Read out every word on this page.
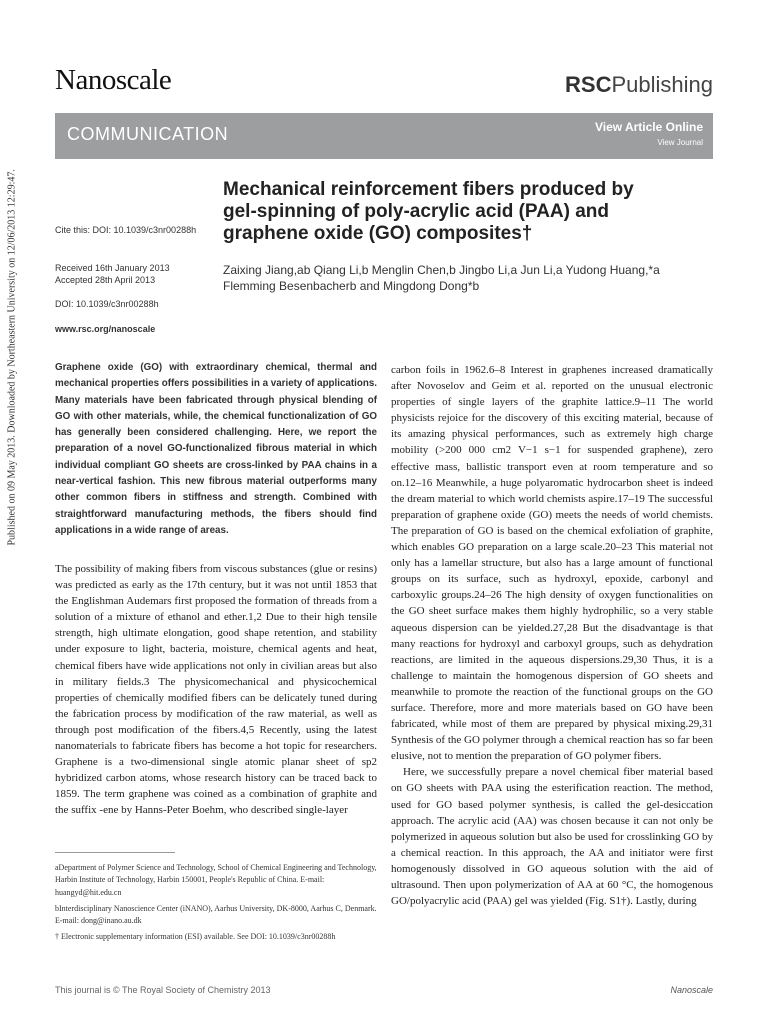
Nanoscale	RSCPublishing
COMMUNICATION	View Article Online
View Journal
Published on 09 May 2013. Downloaded by Northeastern University on 12/06/2013 12:29:47.	Cite this: DOI: 10.1039/c3nr00288h
Received 16th January 2013
Accepted 28th April 2013
DOI: 10.1039/c3nr00288h
www.rsc.org/nanoscale
Mechanical reinforcement fibers produced by gel-spinning of poly-acrylic acid (PAA) and graphene oxide (GO) composites†
Zaixing Jiang,ab Qiang Li,b Menglin Chen,b Jingbo Li,a Jun Li,a Yudong Huang,*a Flemming Besenbacherb and Mingdong Dong*b
Graphene oxide (GO) with extraordinary chemical, thermal and mechanical properties offers possibilities in a variety of applications. Many materials have been fabricated through physical blending of GO with other materials, while, the chemical functionalization of GO has generally been considered challenging. Here, we report the preparation of a novel GO-functionalized fibrous material in which individual compliant GO sheets are cross-linked by PAA chains in a near-vertical fashion. This new fibrous material outperforms many other common fibers in stiffness and strength. Combined with straightforward manufacturing methods, the fibers should find applications in a wide range of areas.

The possibility of making fibers from viscous substances (glue or resins) was predicted as early as the 17th century, but it was not until 1853 that the Englishman Audemars first proposed the formation of threads from a solution of a mixture of ethanol and ether.1,2 Due to their high tensile strength, high ultimate elongation, good shape retention, and stability under exposure to light, bacteria, moisture, chemical agents and heat, chemical fibers have wide applications not only in civilian areas but also in military fields.3 The physicomechanical and physicochemical properties of chemically modified fibers can be delicately tuned during the fabrication process by modification of the raw material, as well as through post modification of the fibers.4,5 Recently, using the latest nanomaterials to fabricate fibers has become a hot topic for researchers. Graphene is a two-dimensional single atomic planar sheet of sp2 hybridized carbon atoms, whose research history can be traced back to 1859. The term graphene was coined as a combination of graphite and the suffix -ene by Hanns-Peter Boehm, who described single-layer

carbon foils in 1962.6–8 Interest in graphenes increased dramatically after Novoselov and Geim et al. reported on the unusual electronic properties of single layers of the graphite lattice.9–11 The world physicists rejoice for the discovery of this exciting material, because of its amazing physical performances, such as extremely high charge mobility (>200 000 cm2 V−1 s−1 for suspended graphene), zero effective mass, ballistic transport even at room temperature and so on.12–16 Meanwhile, a huge polyaromatic hydrocarbon sheet is indeed the dream material to which world chemists aspire.17–19 The successful preparation of graphene oxide (GO) meets the needs of world chemists. The preparation of GO is based on the chemical exfoliation of graphite, which enables GO preparation on a large scale.20–23 This material not only has a lamellar structure, but also has a large amount of functional groups on its surface, such as hydroxyl, epoxide, carbonyl and carboxylic groups.24–26 The high density of oxygen functionalities on the GO sheet surface makes them highly hydrophilic, so a very stable aqueous dispersion can be yielded.27,28 But the disadvantage is that many reactions for hydroxyl and carboxyl groups, such as dehydration reactions, are limited in the aqueous dispersions.29,30 Thus, it is a challenge to maintain the homogenous dispersion of GO sheets and meanwhile to promote the reaction of the functional groups on the GO surface. Therefore, more and more materials based on GO have been fabricated, while most of them are prepared by physical mixing.29,31 Synthesis of the GO polymer through a chemical reaction has so far been elusive, not to mention the preparation of GO polymer fibers.

Here, we successfully prepare a novel chemical fiber material based on GO sheets with PAA using the esterification reaction. The method, used for GO based polymer synthesis, is called the gel-desiccation approach. The acrylic acid (AA) was chosen because it can not only be polymerized in aqueous solution but also be used for crosslinking GO by a chemical reaction. In this approach, the AA and initiator were first homogenously dissolved in GO aqueous solution with the aid of ultrasound. Then upon polymerization of AA at 60 °C, the homogenous GO/polyacrylic acid (PAA) gel was yielded (Fig. S1†). Lastly, during

aDepartment of Polymer Science and Technology, School of Chemical Engineering and Technology, Harbin Institute of Technology, Harbin 150001, People's Republic of China. E-mail: huangyd@hit.edu.cn

bInterdisciplinary Nanoscience Center (iNANO), Aarhus University, DK-8000, Aarhus C, Denmark. E-mail: dong@inano.au.dk

† Electronic supplementary information (ESI) available. See DOI: 10.1039/c3nr00288h

This journal is © The Royal Society of Chemistry 2013	Nanoscale
